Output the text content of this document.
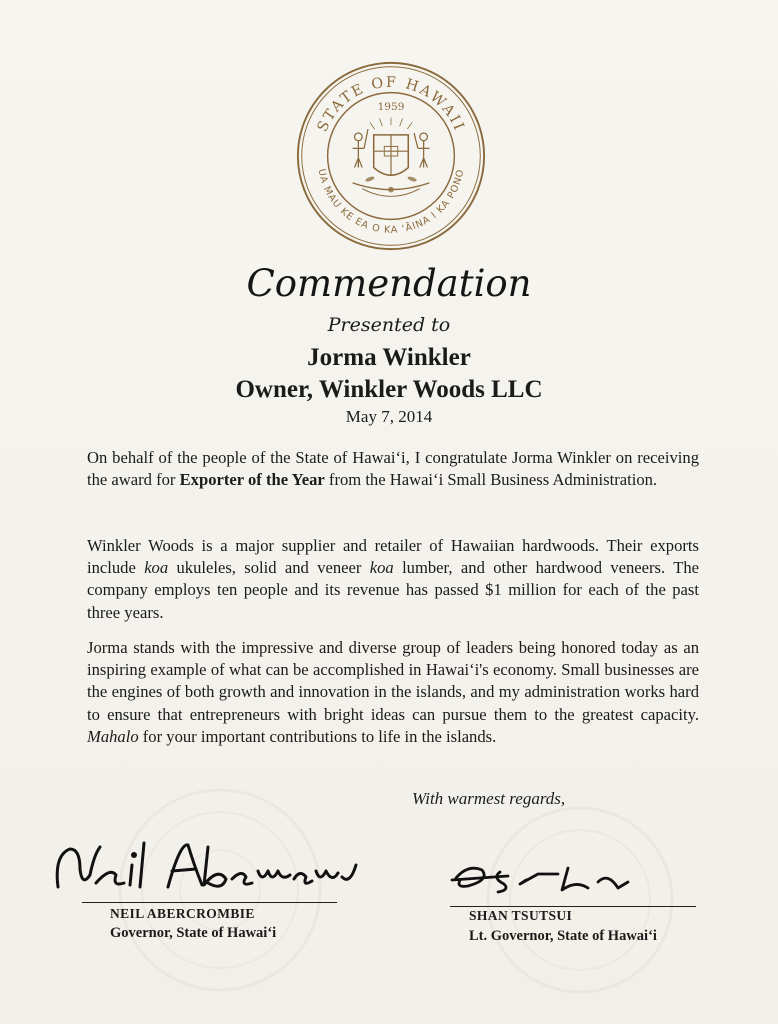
STATE OF HAWAII
UA MAU KE EA O KA ʻĀINA I KA PONO
1959
Commendation
Presented to
Jorma Winkler
Owner, Winkler Woods LLC
May 7, 2014

On behalf of the people of the State of Hawaiʻi, I congratulate Jorma Winkler on receiving the award for Exporter of the Year from the Hawaiʻi Small Business Administration.

Winkler Woods is a major supplier and retailer of Hawaiian hardwoods. Their exports include koa ukuleles, solid and veneer koa lumber, and other hardwood veneers. The company employs ten people and its revenue has passed $1 million for each of the past three years.

Jorma stands with the impressive and diverse group of leaders being honored today as an inspiring example of what can be accomplished in Hawaiʻi's economy. Small businesses are the engines of both growth and innovation in the islands, and my administration works hard to ensure that entrepreneurs with bright ideas can pursue them to the greatest capacity. Mahalo for your important contributions to life in the islands.

With warmest regards,
NEIL ABERCROMBIE
Governor, State of Hawaiʻi
SHAN TSUTSUI
Lt. Governor, State of Hawaiʻi
